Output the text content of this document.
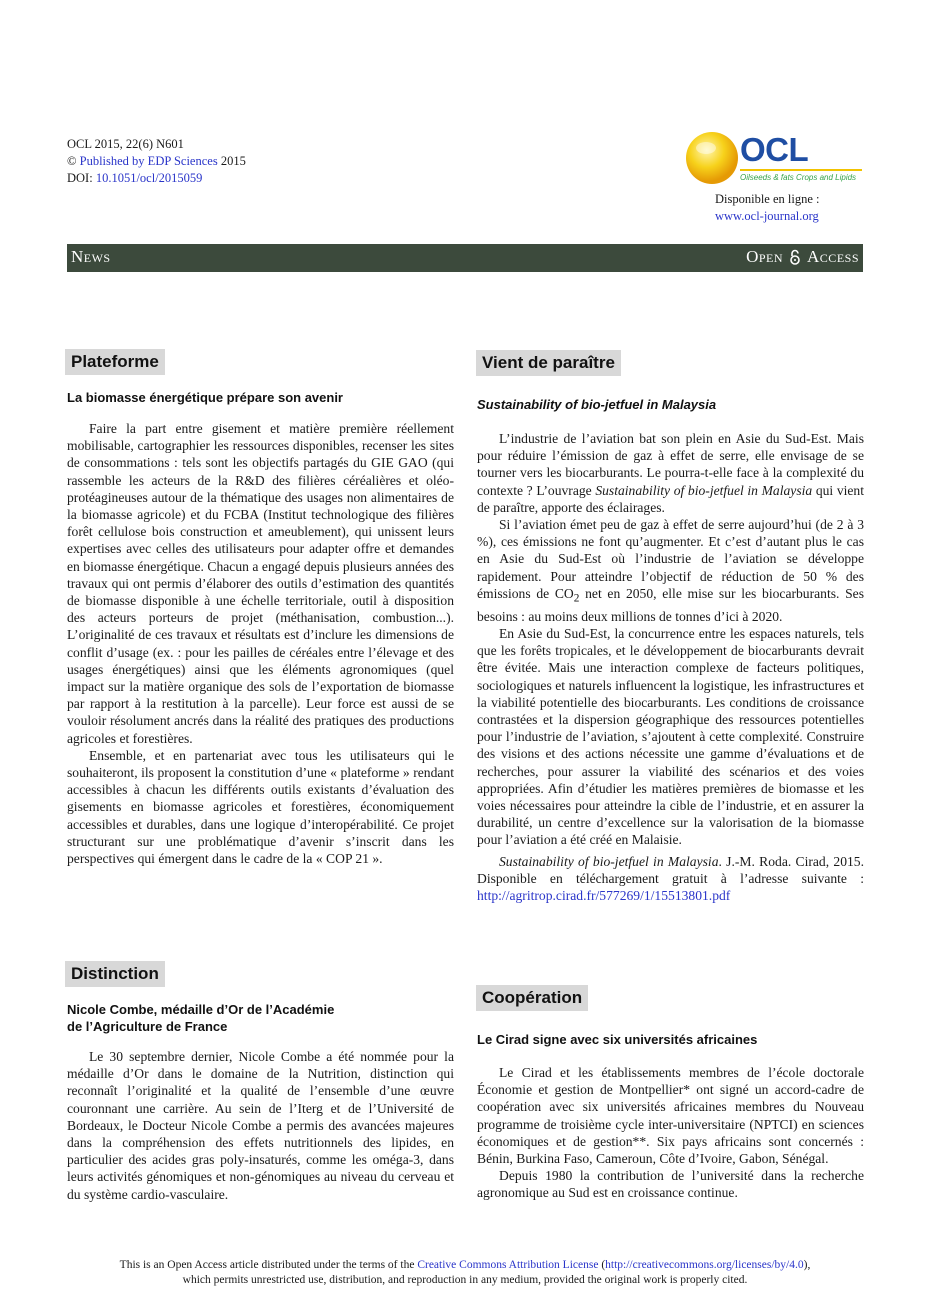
OCL 2015, 22(6) N601
© Published by EDP Sciences 2015
DOI: 10.1051/ocl/2015059
OCL
Oilseeds & fats Crops and Lipids
Disponible en ligne :
www.ocl-journal.org
News	Open Access
Plateforme
La biomasse énergétique prépare son avenir

Faire la part entre gisement et matière première réellement mobilisable, cartographier les ressources disponibles, recenser les sites de consommations : tels sont les objectifs partagés du GIE GAO (qui rassemble les acteurs de la R&D des filières céréalières et oléo-protéagineuses autour de la thématique des usages non alimentaires de la biomasse agricole) et du FCBA (Institut technologique des filières forêt cellulose bois construction et ameublement), qui unissent leurs expertises avec celles des utilisateurs pour adapter offre et demandes en biomasse énergétique. Chacun a engagé depuis plusieurs années des travaux qui ont permis d’élaborer des outils d’estimation des quantités de biomasse disponible à une échelle territoriale, outil à disposition des acteurs porteurs de projet (méthanisation, combustion...). L’originalité de ces travaux et résultats est d’inclure les dimensions de conflit d’usage (ex. : pour les pailles de céréales entre l’élevage et des usages énergétiques) ainsi que les éléments agronomiques (quel impact sur la matière organique des sols de l’exportation de biomasse par rapport à la restitution à la parcelle). Leur force est aussi de se vouloir résolument ancrés dans la réalité des pratiques des productions agricoles et forestières.

Ensemble, et en partenariat avec tous les utilisateurs qui le souhaiteront, ils proposent la constitution d’une « plateforme » rendant accessibles à chacun les différents outils existants d’évaluation des gisements en biomasse agricoles et forestières, économiquement accessibles et durables, dans une logique d’interopérabilité. Ce projet structurant sur une problématique d’avenir s’inscrit dans les perspectives qui émergent dans le cadre de la « COP 21 ».

Distinction
Nicole Combe, médaille d’Or de l’Académie
de l’Agriculture de France

Le 30 septembre dernier, Nicole Combe a été nommée pour la médaille d’Or dans le domaine de la Nutrition, distinction qui reconnaît l’originalité et la qualité de l’ensemble d’une œuvre couronnant une carrière. Au sein de l’Iterg et de l’Université de Bordeaux, le Docteur Nicole Combe a permis des avancées majeures dans la compréhension des effets nutritionnels des lipides, en particulier des acides gras poly-insaturés, comme les oméga-3, dans leurs activités génomiques et non-génomiques au niveau du cerveau et du système cardio-vasculaire.

Vient de paraître
Sustainability of bio-jetfuel in Malaysia

L’industrie de l’aviation bat son plein en Asie du Sud-Est. Mais pour réduire l’émission de gaz à effet de serre, elle envisage de se tourner vers les biocarburants. Le pourra-t-elle face à la complexité du contexte ? L’ouvrage Sustainability of bio-jetfuel in Malaysia qui vient de paraître, apporte des éclairages.

Si l’aviation émet peu de gaz à effet de serre aujourd’hui (de 2 à 3 %), ces émissions ne font qu’augmenter. Et c’est d’autant plus le cas en Asie du Sud-Est où l’industrie de l’aviation se développe rapidement. Pour atteindre l’objectif de réduction de 50 % des émissions de $CO_2$ net en 2050, elle mise sur les biocarburants. Ses besoins : au moins deux millions de tonnes d’ici à 2020.

En Asie du Sud-Est, la concurrence entre les espaces naturels, tels que les forêts tropicales, et le développement de biocarburants devrait être évitée. Mais une interaction complexe de facteurs politiques, sociologiques et naturels influencent la logistique, les infrastructures et la viabilité potentielle des biocarburants. Les conditions de croissance contrastées et la dispersion géographique des ressources potentielles pour l’industrie de l’aviation, s’ajoutent à cette complexité. Construire des visions et des actions nécessite une gamme d’évaluations et de recherches, pour assurer la viabilité des scénarios et des voies appropriées. Afin d’étudier les matières premières de biomasse et les voies nécessaires pour atteindre la cible de l’industrie, et en assurer la durabilité, un centre d’excellence sur la valorisation de la biomasse pour l’aviation a été créé en Malaisie.

Sustainability of bio-jetfuel in Malaysia. J.-M. Roda. Cirad, 2015. Disponible en téléchargement gratuit à l’adresse suivante : http://agritrop.cirad.fr/577269/1/15513801.pdf

Coopération
Le Cirad signe avec six universités africaines

Le Cirad et les établissements membres de l’école doctorale Économie et gestion de Montpellier* ont signé un accord-cadre de coopération avec six universités africaines membres du Nouveau programme de troisième cycle inter-universitaire (NPTCI) en sciences économiques et de gestion**. Six pays africains sont concernés : Bénin, Burkina Faso, Cameroun, Côte d’Ivoire, Gabon, Sénégal.

Depuis 1980 la contribution de l’université dans la recherche agronomique au Sud est en croissance continue.

This is an Open Access article distributed under the terms of the Creative Commons Attribution License (http://creativecommons.org/licenses/by/4.0),
which permits unrestricted use, distribution, and reproduction in any medium, provided the original work is properly cited.
